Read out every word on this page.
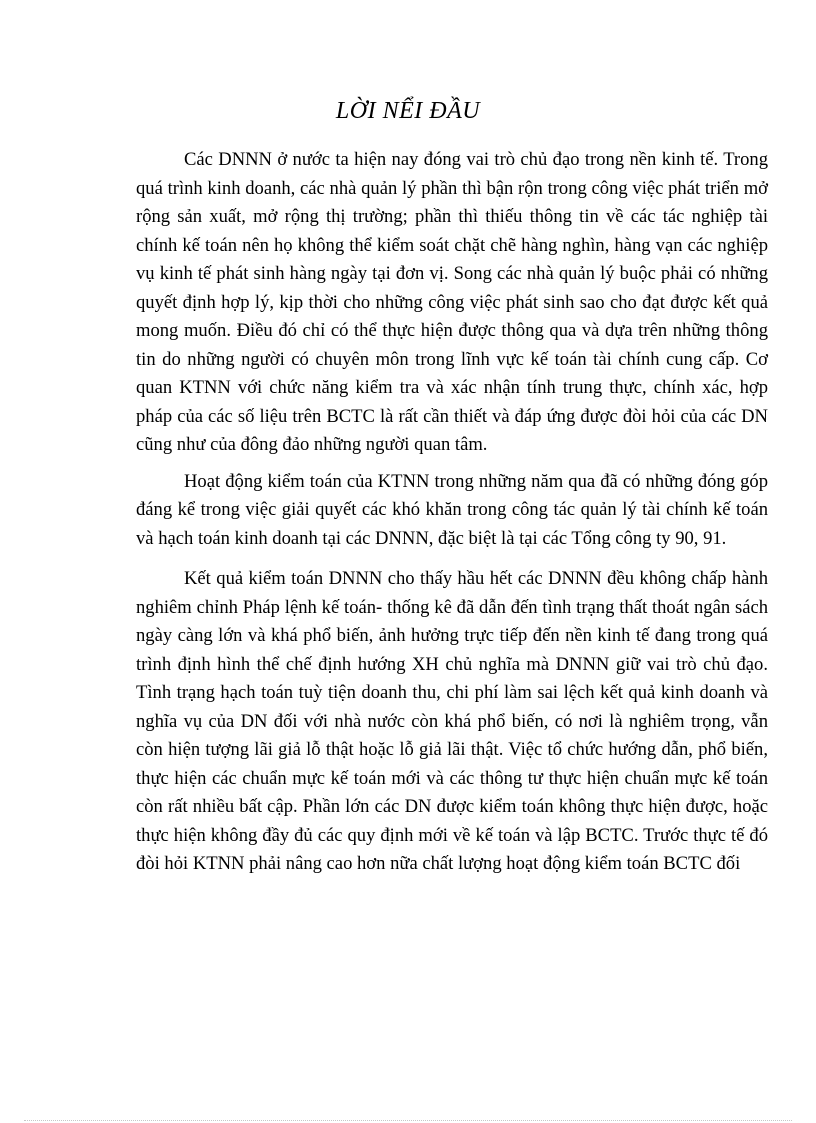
LỜI NỂI ĐẦU

Các DNNN ở nước ta hiện nay đóng vai trò chủ đạo trong nền kinh tế. Trong quá trình kinh doanh, các nhà quản lý phần thì bận rộn trong công việc phát triển mở rộng sản xuất, mở rộng thị trường; phần thì thiếu thông tin về các tác nghiệp tài chính kế toán nên họ không thể kiểm soát chặt chẽ hàng nghìn, hàng vạn các nghiệp vụ kinh tế phát sinh hàng ngày tại đơn vị. Song các nhà quản lý buộc phải có những quyết định hợp lý, kịp thời cho những công việc phát sinh sao cho đạt được kết quả mong muốn. Điều đó chỉ có thể thực hiện được thông qua và dựa trên những thông tin do những người có chuyên môn trong lĩnh vực kế toán tài chính cung cấp. Cơ quan KTNN với chức năng kiểm tra và xác nhận tính trung thực, chính xác, hợp pháp của các số liệu trên BCTC là rất cần thiết và đáp ứng được đòi hỏi của các DN cũng như của đông đảo những người quan tâm.

Hoạt động kiểm toán của KTNN trong những năm qua đã có những đóng góp đáng kể trong việc giải quyết các khó khăn trong công tác quản lý tài chính kế toán và hạch toán kinh doanh tại các DNNN, đặc biệt là tại các Tổng công ty 90, 91.

Kết quả kiểm toán DNNN cho thấy hầu hết các DNNN đều không chấp hành nghiêm chỉnh Pháp lệnh kế toán- thống kê đã dẫn đến tình trạng thất thoát ngân sách ngày càng lớn và khá phổ biến, ảnh hưởng trực tiếp đến nền kinh tế đang trong quá trình định hình thể chế định hướng XH chủ nghĩa mà DNNN giữ vai trò chủ đạo. Tình trạng hạch toán tuỳ tiện doanh thu, chi phí làm sai lệch kết quả kinh doanh và nghĩa vụ của DN đối với nhà nước còn khá phổ biến, có nơi là nghiêm trọng, vẫn còn hiện tượng lãi giả lỗ thật hoặc lỗ giả lãi thật. Việc tổ chức hướng dẫn, phổ biến, thực hiện các chuẩn mực kế toán mới và các thông tư thực hiện chuẩn mực kế toán còn rất nhiều bất cập. Phần lớn các DN được kiểm toán không thực hiện được, hoặc thực hiện không đầy đủ các quy định mới về kế toán và lập BCTC. Trước thực tế đó đòi hỏi KTNN phải nâng cao hơn nữa chất lượng hoạt động kiểm toán BCTC đối
